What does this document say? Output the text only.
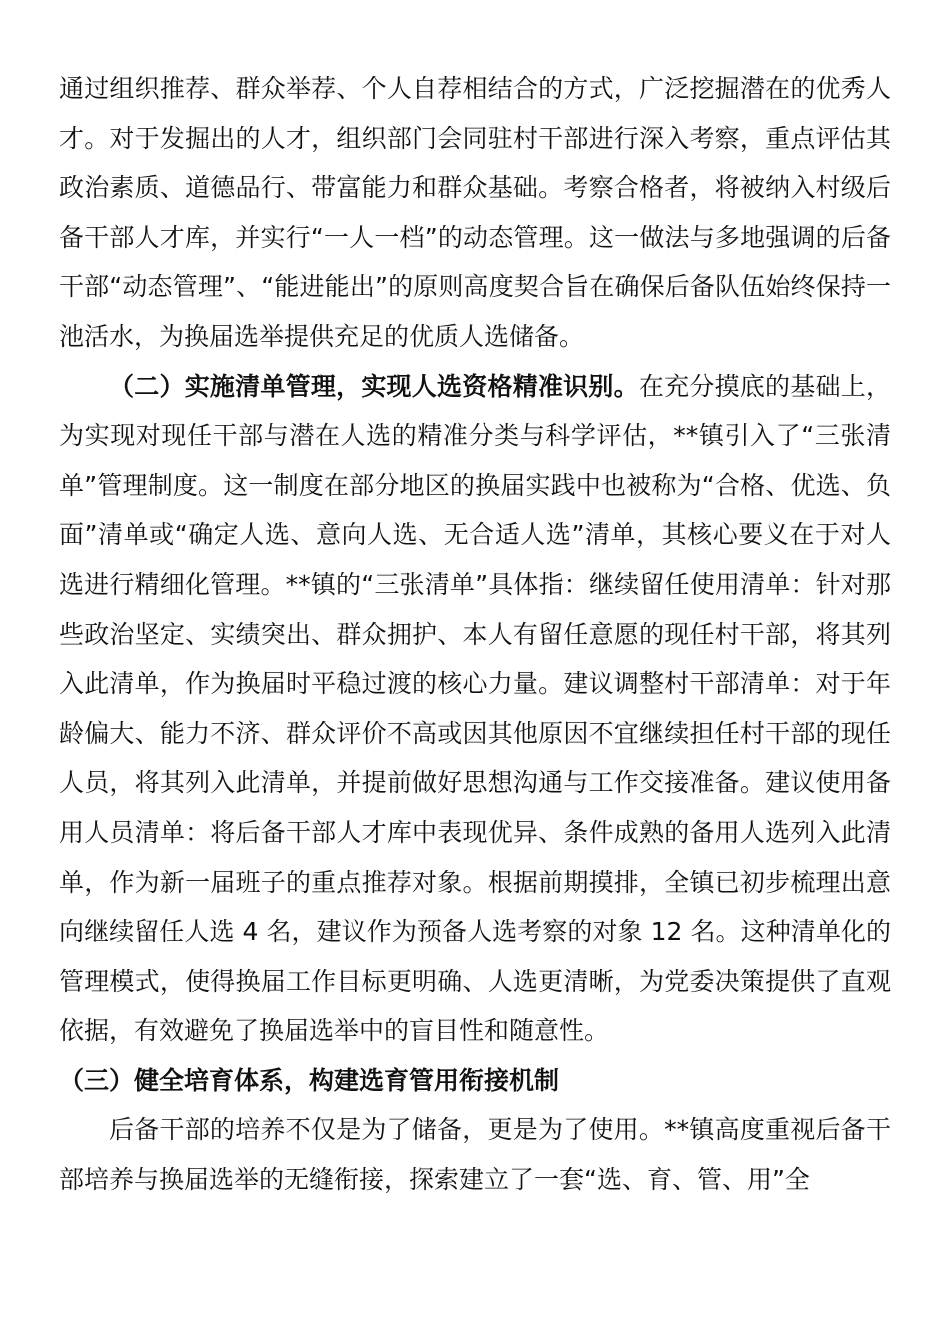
通过组织推荐、群众举荐、个人自荐相结合的方式，广泛挖掘潜在的优秀人才。对于发掘出的人才，组织部门会同驻村干部进行深入考察，重点评估其政治素质、道德品行、带富能力和群众基础。考察合格者，将被纳入村级后备干部人才库，并实行“一人一档”的动态管理。这一做法与多地强调的后备干部“动态管理”、“能进能出”的原则高度契合旨在确保后备队伍始终保持一池活水，为换届选举提供充足的优质人选储备。

（二）实施清单管理，实现人选资格精准识别。在充分摸底的基础上，为实现对现任干部与潜在人选的精准分类与科学评估，**镇引入了“三张清单”管理制度。这一制度在部分地区的换届实践中也被称为“合格、优选、负面”清单或“确定人选、意向人选、无合适人选”清单，其核心要义在于对人选进行精细化管理。**镇的“三张清单”具体指：继续留任使用清单：针对那些政治坚定、实绩突出、群众拥护、本人有留任意愿的现任村干部，将其列入此清单，作为换届时平稳过渡的核心力量。建议调整村干部清单：对于年龄偏大、能力不济、群众评价不高或因其他原因不宜继续担任村干部的现任人员，将其列入此清单，并提前做好思想沟通与工作交接准备。建议使用备用人员清单：将后备干部人才库中表现优异、条件成熟的备用人选列入此清单，作为新一届班子的重点推荐对象。根据前期摸排，全镇已初步梳理出意向继续留任人选 4 名，建议作为预备人选考察的对象 12 名。这种清单化的管理模式，使得换届工作目标更明确、人选更清晰，为党委决策提供了直观依据，有效避免了换届选举中的盲目性和随意性。

（三）健全培育体系，构建选育管用衔接机制

后备干部的培养不仅是为了储备，更是为了使用。**镇高度重视后备干部培养与换届选举的无缝衔接，探索建立了一套“选、育、管、用”全
